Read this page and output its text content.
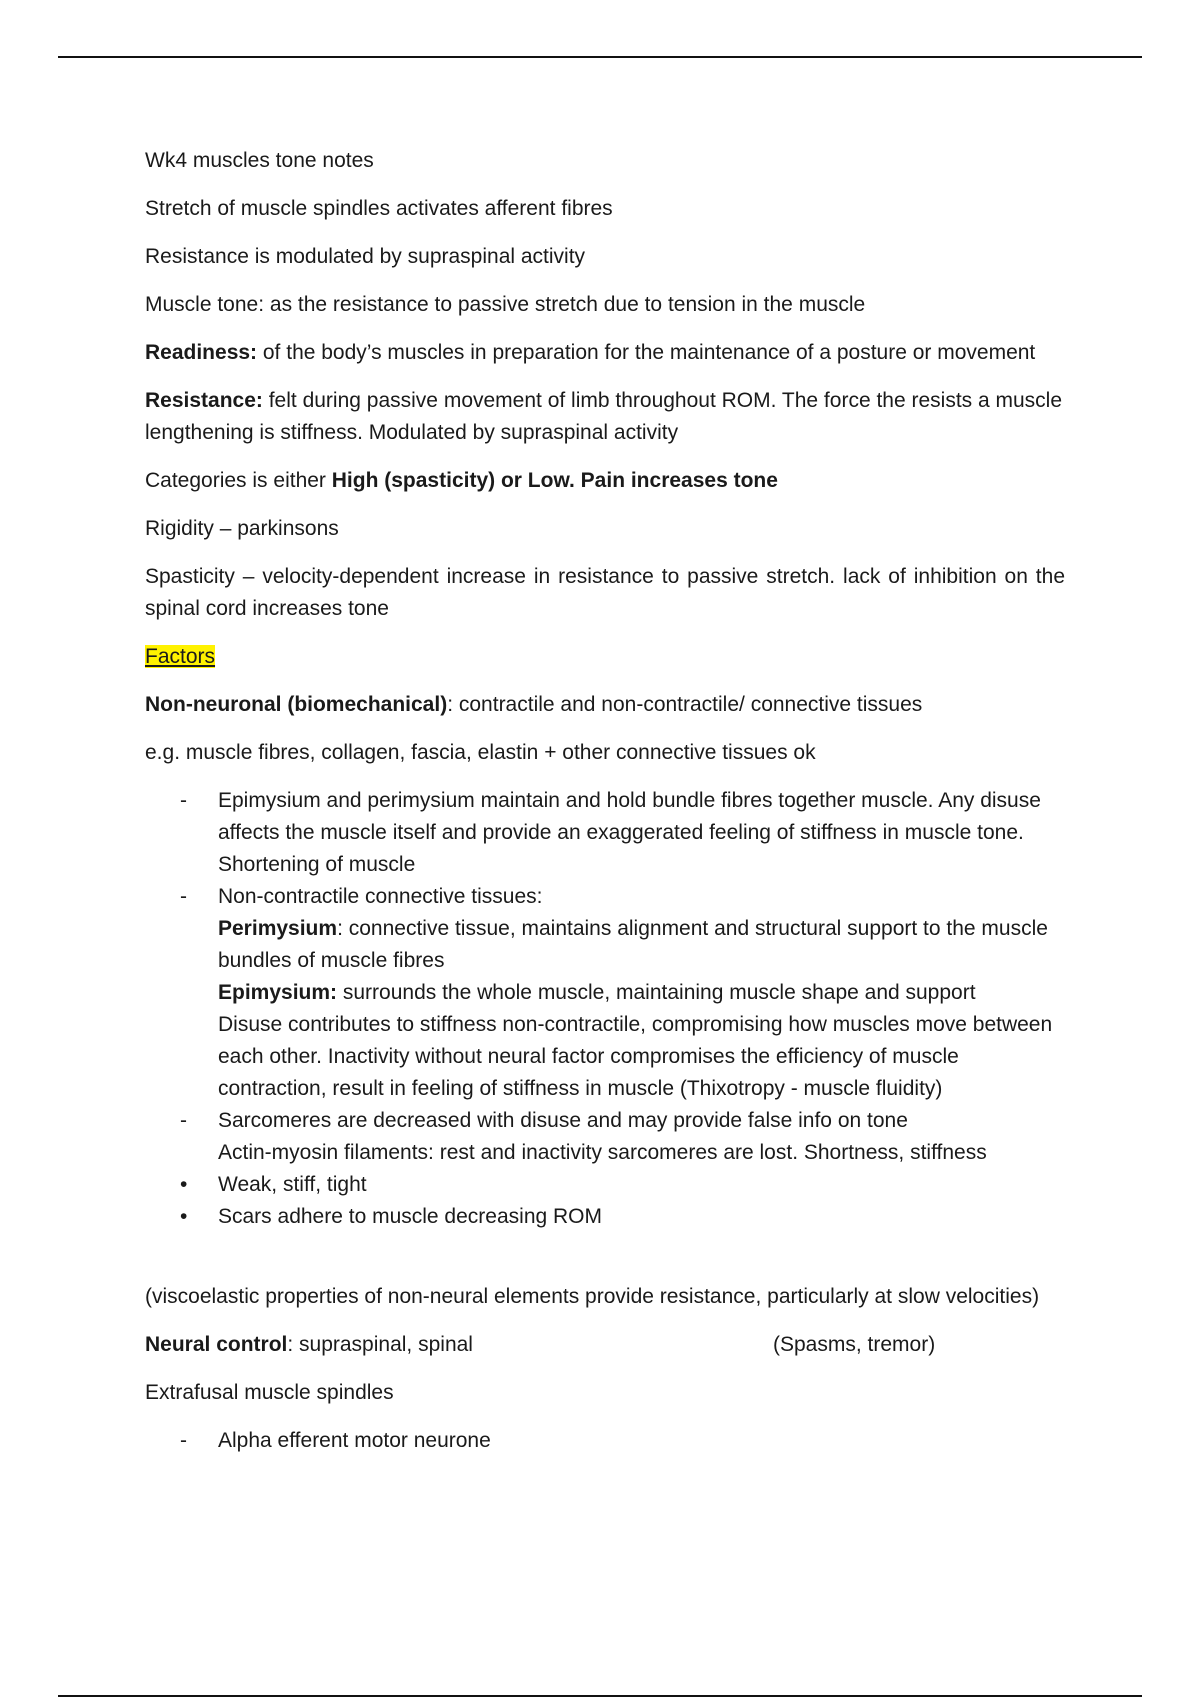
Wk4 muscles tone notes

Stretch of muscle spindles activates afferent fibres

Resistance is modulated by supraspinal activity

Muscle tone: as the resistance to passive stretch due to tension in the muscle

Readiness: of the body’s muscles in preparation for the maintenance of a posture or movement

Resistance: felt during passive movement of limb throughout ROM. The force the resists a muscle lengthening is stiffness. Modulated by supraspinal activity

Categories is either High (spasticity) or Low. Pain increases tone

Rigidity – parkinsons

Spasticity – velocity-dependent increase in resistance to passive stretch. lack of inhibition on the spinal cord increases tone

Factors

Non-neuronal (biomechanical): contractile and non-contractile/ connective tissues

e.g. muscle fibres, collagen, fascia, elastin + other connective tissues ok

-	Epimysium and perimysium maintain and hold bundle fibres together muscle. Any disuse affects the muscle itself and provide an exaggerated feeling of stiffness in muscle tone. Shortening of muscle
-	Non-contractile connective tissues:
Perimysium: connective tissue, maintains alignment and structural support to the muscle bundles of muscle fibres
Epimysium: surrounds the whole muscle, maintaining muscle shape and support
Disuse contributes to stiffness non-contractile, compromising how muscles move between each other. Inactivity without neural factor compromises the efficiency of muscle contraction, result in feeling of stiffness in muscle (Thixotropy - muscle fluidity)
-	Sarcomeres are decreased with disuse and may provide false info on tone
Actin-myosin filaments: rest and inactivity sarcomeres are lost. Shortness, stiffness
•	Weak, stiff, tight
•	Scars adhere to muscle decreasing ROM

(viscoelastic properties of non-neural elements provide resistance, particularly at slow velocities)

Neural control: supraspinal, spinal	(Spasms, tremor)

Extrafusal muscle spindles

-	Alpha efferent motor neurone
